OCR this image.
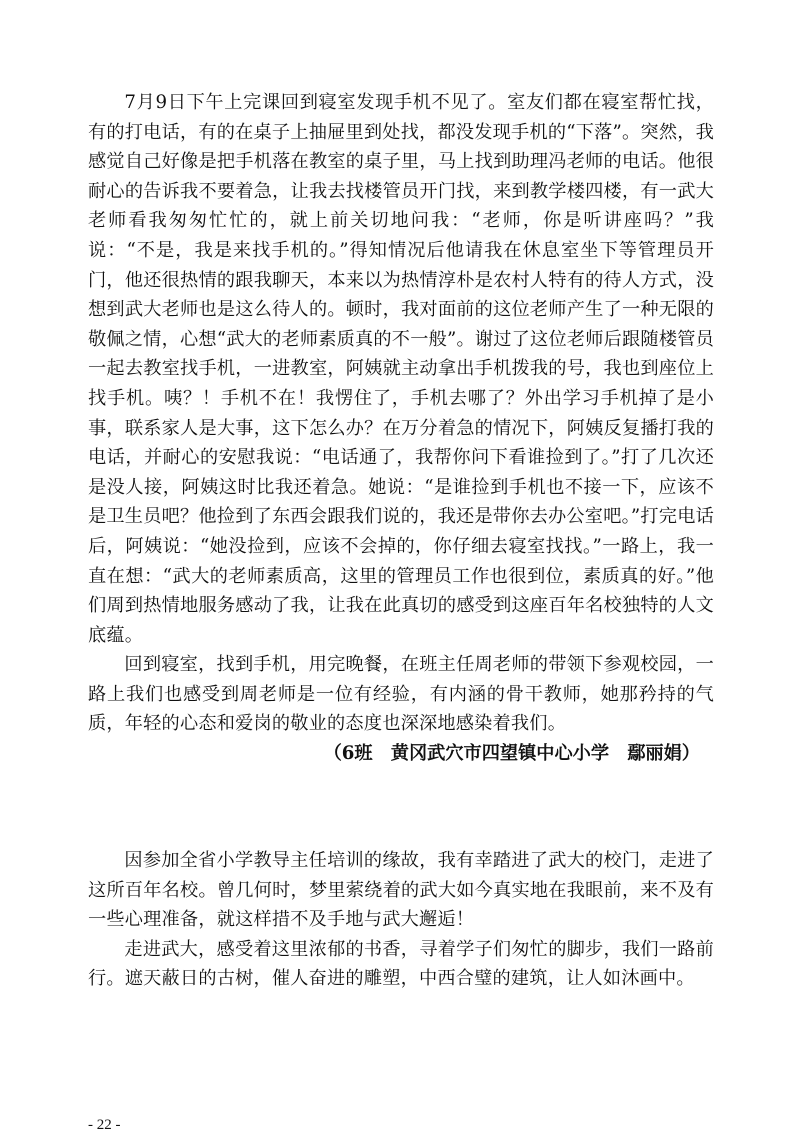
7月9日下午上完课回到寝室发现手机不见了。室友们都在寝室帮忙找，有的打电话，有的在桌子上抽屉里到处找，都没发现手机的“下落”。突然，我感觉自己好像是把手机落在教室的桌子里，马上找到助理冯老师的电话。他很耐心的告诉我不要着急，让我去找楼管员开门找，来到教学楼四楼，有一武大老师看我匆匆忙忙的，就上前关切地问我：“老师，你是听讲座吗？”我说：“不是，我是来找手机的。”得知情况后他请我在休息室坐下等管理员开门，他还很热情的跟我聊天，本来以为热情淳朴是农村人特有的待人方式，没想到武大老师也是这么待人的。顿时，我对面前的这位老师产生了一种无限的敬佩之情，心想“武大的老师素质真的不一般”。谢过了这位老师后跟随楼管员一起去教室找手机，一进教室，阿姨就主动拿出手机拨我的号，我也到座位上找手机。咦？！手机不在！我愣住了，手机去哪了？外出学习手机掉了是小事，联系家人是大事，这下怎么办？在万分着急的情况下，阿姨反复播打我的电话，并耐心的安慰我说：“电话通了，我帮你问下看谁捡到了。”打了几次还是没人接，阿姨这时比我还着急。她说：“是谁捡到手机也不接一下，应该不是卫生员吧？他捡到了东西会跟我们说的，我还是带你去办公室吧。”打完电话后，阿姨说：“她没捡到，应该不会掉的，你仔细去寝室找找。”一路上，我一直在想：“武大的老师素质高，这里的管理员工作也很到位，素质真的好。”他们周到热情地服务感动了我，让我在此真切的感受到这座百年名校独特的人文底蕴。

回到寝室，找到手机，用完晚餐，在班主任周老师的带领下参观校园，一路上我们也感受到周老师是一位有经验，有内涵的骨干教师，她那矜持的气质，年轻的心态和爱岗的敬业的态度也深深地感染着我们。

（6班　黄冈武穴市四望镇中心小学　鄢丽娟）

因参加全省小学教导主任培训的缘故，我有幸踏进了武大的校门，走进了这所百年名校。曾几何时，梦里萦绕着的武大如今真实地在我眼前，来不及有一些心理准备，就这样措不及手地与武大邂逅！

走进武大，感受着这里浓郁的书香，寻着学子们匆忙的脚步，我们一路前行。遮天蔽日的古树，催人奋进的雕塑，中西合璧的建筑，让人如沐画中。

- 22 -
